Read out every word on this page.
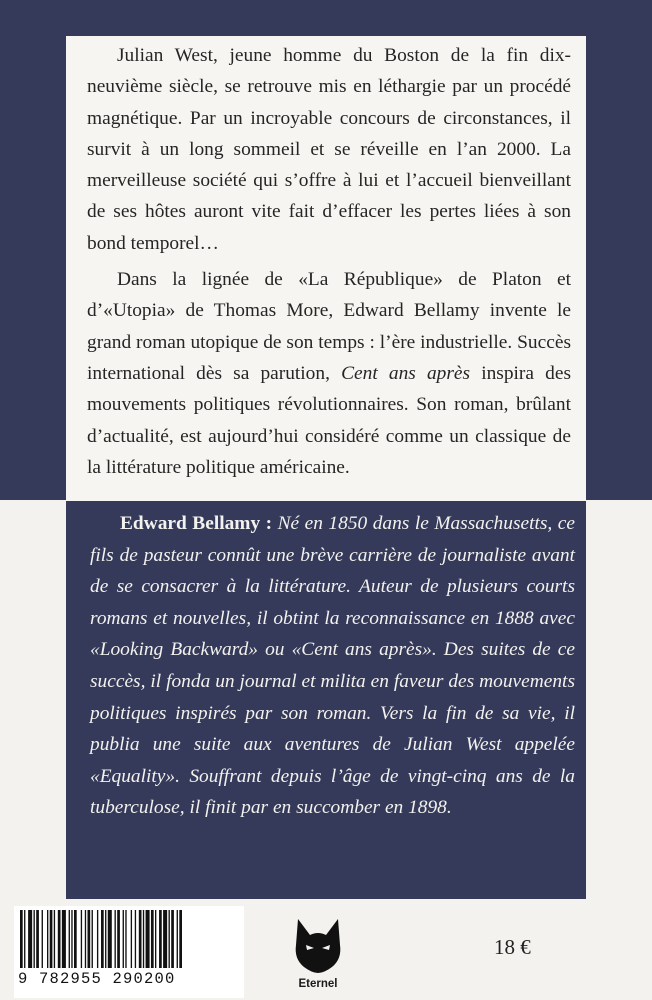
Julian West, jeune homme du Boston de la fin dix-neuvième siècle, se retrouve mis en léthargie par un procédé magnétique. Par un incroyable concours de circonstances, il survit à un long sommeil et se réveille en l’an 2000. La merveilleuse société qui s’offre à lui et l’accueil bienveillant de ses hôtes auront vite fait d’effacer les pertes liées à son bond temporel…

Dans la lignée de «La République» de Platon et d’«Utopia» de Thomas More, Edward Bellamy invente le grand roman utopique de son temps : l’ère industrielle. Succès international dès sa parution, Cent ans après inspira des mouvements politiques révolutionnaires. Son roman, brûlant d’actualité, est aujourd’hui considéré comme un classique de la littérature politique américaine.

Edward Bellamy : Né en 1850 dans le Massachusetts, ce fils de pasteur connût une brève carrière de journaliste avant de se consacrer à la littérature. Auteur de plusieurs courts romans et nouvelles, il obtint la reconnaissance en 1888 avec «Looking Backward» ou «Cent ans après». Des suites de ce succès, il fonda un journal et milita en faveur des mouvements politiques inspirés par son roman. Vers la fin de sa vie, il publia une suite aux aventures de Julian West appelée «Equality». Souffrant depuis l’âge de vingt-cinq ans de la tuberculose, il finit par en succomber en 1898.

9 782955 290200	Eternel
18 €
